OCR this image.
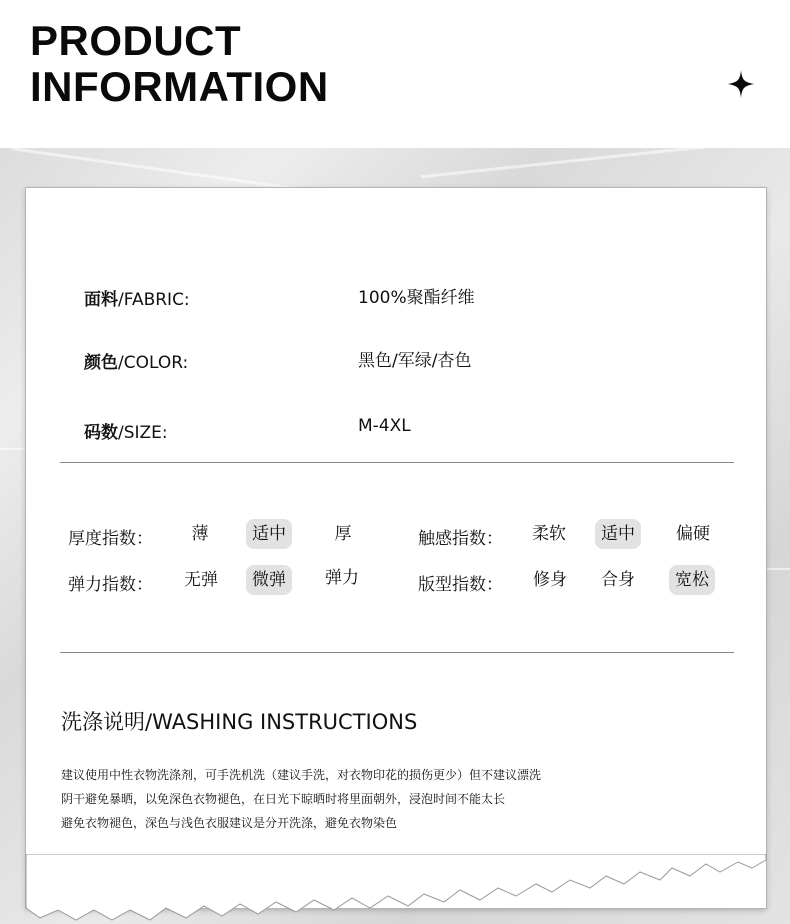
PRODUCT
INFORMATION
面料/FABRIC:	100%聚酯纤维
颜色/COLOR:	黑色/军绿/杏色
码数/SIZE:	M-4XL
厚度指数：	薄	适中	厚	触感指数：	柔软	适中	偏硬
弹力指数：	无弹	微弹	弹力	版型指数：	修身	合身	宽松
洗涤说明/WASHING INSTRUCTIONS
建议使用中性衣物洗涤剂，可手洗机洗（建议手洗，对衣物印花的损伤更少）但不建议漂洗
阴干避免暴晒，以免深色衣物褪色，在日光下晾晒时将里面朝外，浸泡时间不能太长
避免衣物褪色，深色与浅色衣服建议是分开洗涤，避免衣物染色
